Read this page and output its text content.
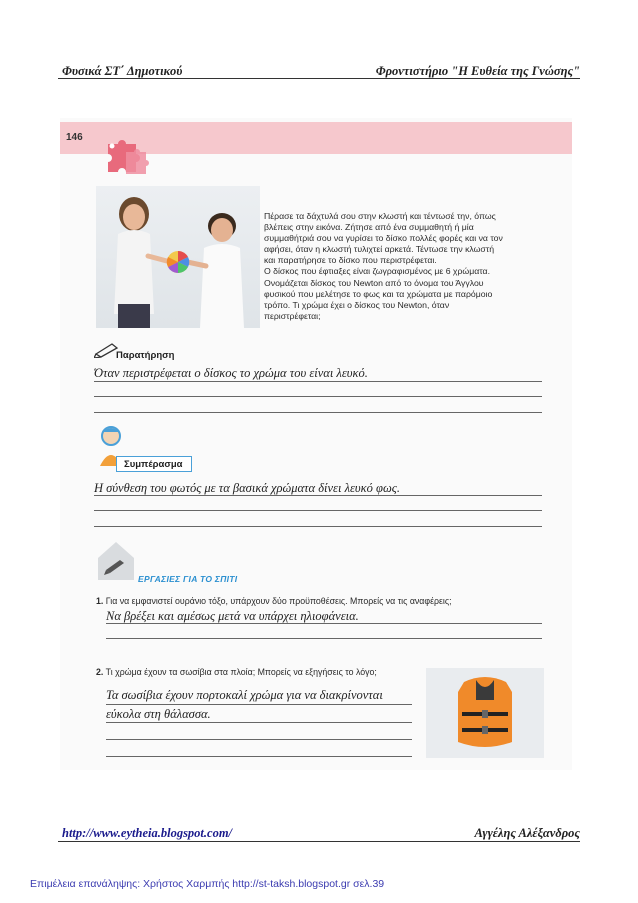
Φυσικά ΣΤ΄ Δημοτικού	Φροντιστήριο "Η Ευθεία της Γνώσης"
146
Πέρασε τα δάχτυλά σου στην κλωστή και τέντωσέ την, όπως
βλέπεις στην εικόνα. Ζήτησε από ένα συμμαθητή ή μία
συμμαθήτριά σου να γυρίσει το δίσκο πολλές φορές και να τον
αφήσει, όταν η κλωστή τυλιχτεί αρκετά. Τέντωσε την κλωστή
και παρατήρησε το δίσκο που περιστρέφεται.
Ο δίσκος που έφτιαξες είναι ζωγραφισμένος με 6 χρώματα.
Ονομάζεται δίσκος του Newton από το όνομα του Άγγλου
φυσικού που μελέτησε το φως και τα χρώματα με παρόμοιο
τρόπο. Τι χρώμα έχει ο δίσκος του Newton, όταν
περιστρέφεται;
Παρατήρηση
Όταν περιστρέφεται ο δίσκος το χρώμα του είναι λευκό.
Συμπέρασμα
Η σύνθεση του φωτός με τα βασικά χρώματα δίνει λευκό φως.
ΕΡΓΑΣΙΕΣ ΓΙΑ ΤΟ ΣΠΙΤΙ
1. Για να εμφανιστεί ουράνιο τόξο, υπάρχουν δύο προϋποθέσεις. Μπορείς να τις αναφέρεις;
Να βρέξει και αμέσως μετά να υπάρχει ηλιοφάνεια.
2. Τι χρώμα έχουν τα σωσίβια στα πλοία; Μπορείς να εξηγήσεις το λόγο;
Τα σωσίβια έχουν πορτοκαλί χρώμα για να διακρίνονται
εύκολα στη θάλασσα.
http://www.eytheia.blogspot.com/	Αγγέλης Αλέξανδρος
Επιμέλεια επανάληψης: Χρήστος Χαρμπής http://st-taksh.blogspot.gr σελ.39
